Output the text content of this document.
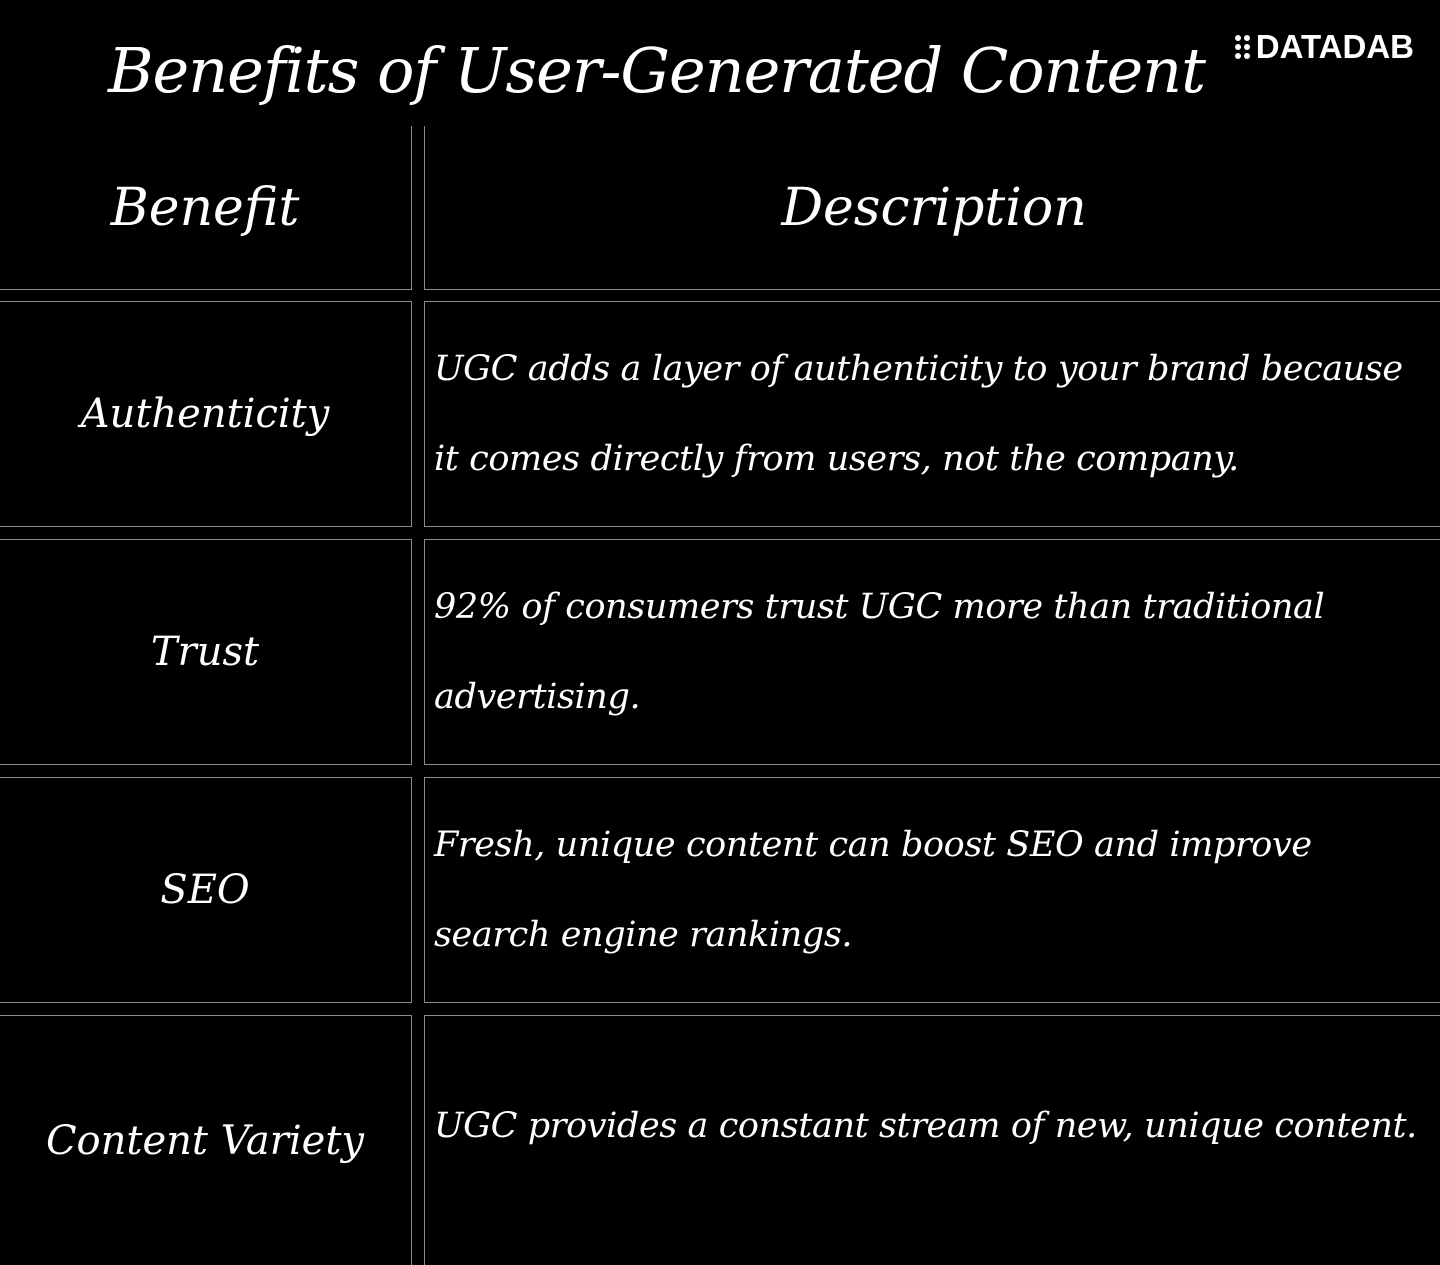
Benefits of User-Generated Content DATADAB
Benefit	Description
Authenticity
UGC adds a layer of authenticity to your brand because it comes directly from users, not the company.
Trust
92% of consumers trust UGC more than traditional advertising.
SEO
Fresh, unique content can boost SEO and improve search engine rankings.
Content Variety	UGC provides a constant stream of new, unique content.
